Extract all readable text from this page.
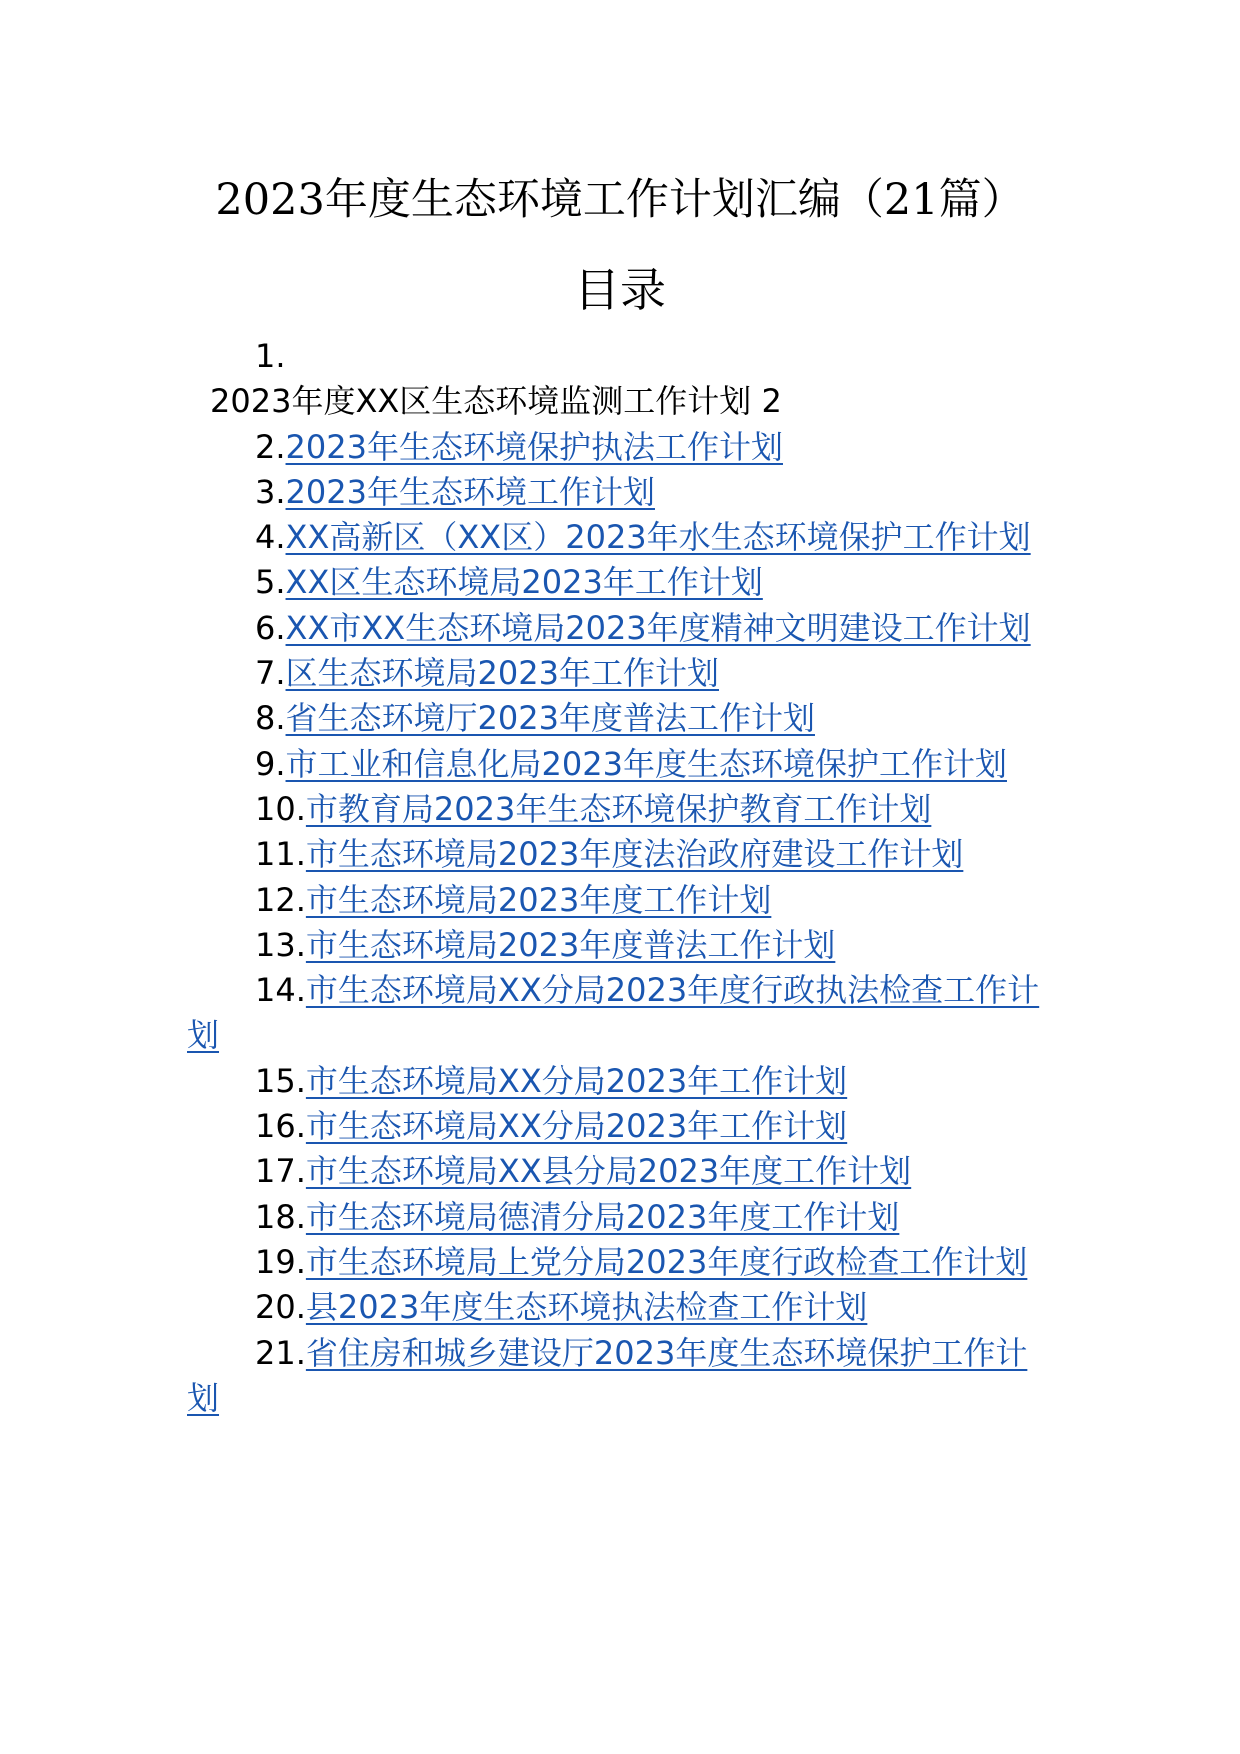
2023年度生态环境工作计划汇编（21篇）
目录

1.
2023年度XX区生态环境监测工作计划 2

2.2023年生态环境保护执法工作计划

3.2023年生态环境工作计划

4.XX高新区（XX区）2023年水生态环境保护工作计划

5.XX区生态环境局2023年工作计划

6.XX市XX生态环境局2023年度精神文明建设工作计划

7.区生态环境局2023年工作计划

8.省生态环境厅2023年度普法工作计划

9.市工业和信息化局2023年度生态环境保护工作计划

10.市教育局2023年生态环境保护教育工作计划

11.市生态环境局2023年度法治政府建设工作计划

12.市生态环境局2023年度工作计划

13.市生态环境局2023年度普法工作计划

14.市生态环境局XX分局2023年度行政执法检查工作计划

15.市生态环境局XX分局2023年工作计划

16.市生态环境局XX分局2023年工作计划

17.市生态环境局XX县分局2023年度工作计划

18.市生态环境局德清分局2023年度工作计划

19.市生态环境局上党分局2023年度行政检查工作计划

20.县2023年度生态环境执法检查工作计划

21.省住房和城乡建设厅2023年度生态环境保护工作计划
